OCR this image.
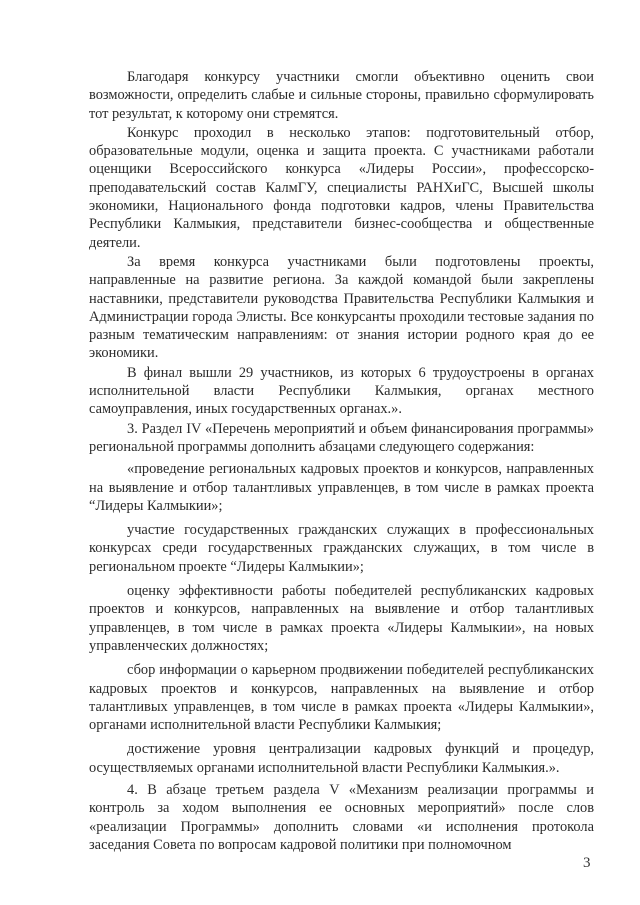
Благодаря конкурсу участники смогли объективно оценить свои возможности, определить слабые и сильные стороны, правильно сформулировать тот результат, к которому они стремятся.

Конкурс проходил в несколько этапов: подготовительный отбор, образовательные модули, оценка и защита проекта. С участниками работали оценщики Всероссийского конкурса «Лидеры России», профессорско-преподавательский состав КалмГУ, специалисты РАНХиГС, Высшей школы экономики, Национального фонда подготовки кадров, члены Правительства Республики Калмыкия, представители бизнес-сообщества и общественные деятели.

За время конкурса участниками были подготовлены проекты, направленные на развитие региона. За каждой командой были закреплены наставники, представители руководства Правительства Республики Калмыкия и Администрации города Элисты. Все конкурсанты проходили тестовые задания по разным тематическим направлениям: от знания истории родного края до ее экономики.

В финал вышли 29 участников, из которых 6 трудоустроены в органах исполнительной власти Республики Калмыкия, органах местного самоуправления, иных государственных органах.».

3. Раздел IV «Перечень мероприятий и объем финансирования программы» региональной программы дополнить абзацами следующего содержания:

«проведение региональных кадровых проектов и конкурсов, направленных на выявление и отбор талантливых управленцев, в том числе в рамках проекта “Лидеры Калмыкии»;

участие государственных гражданских служащих в профессиональных конкурсах среди государственных гражданских служащих, в том числе в региональном проекте “Лидеры Калмыкии»;

оценку эффективности работы победителей республиканских кадровых проектов и конкурсов, направленных на выявление и отбор талантливых управленцев, в том числе в рамках проекта «Лидеры Калмыкии», на новых управленческих должностях;

сбор информации о карьерном продвижении победителей республиканских кадровых проектов и конкурсов, направленных на выявление и отбор талантливых управленцев, в том числе в рамках проекта «Лидеры Калмыкии», органами исполнительной власти Республики Калмыкия;

достижение уровня централизации кадровых функций и процедур, осуществляемых органами исполнительной власти Республики Калмыкия.».

4. В абзаце третьем раздела V «Механизм реализации программы и контроль за ходом выполнения ее основных мероприятий» после слов «реализации Программы» дополнить словами «и исполнения протокола заседания Совета по вопросам кадровой политики при полномочном

3
